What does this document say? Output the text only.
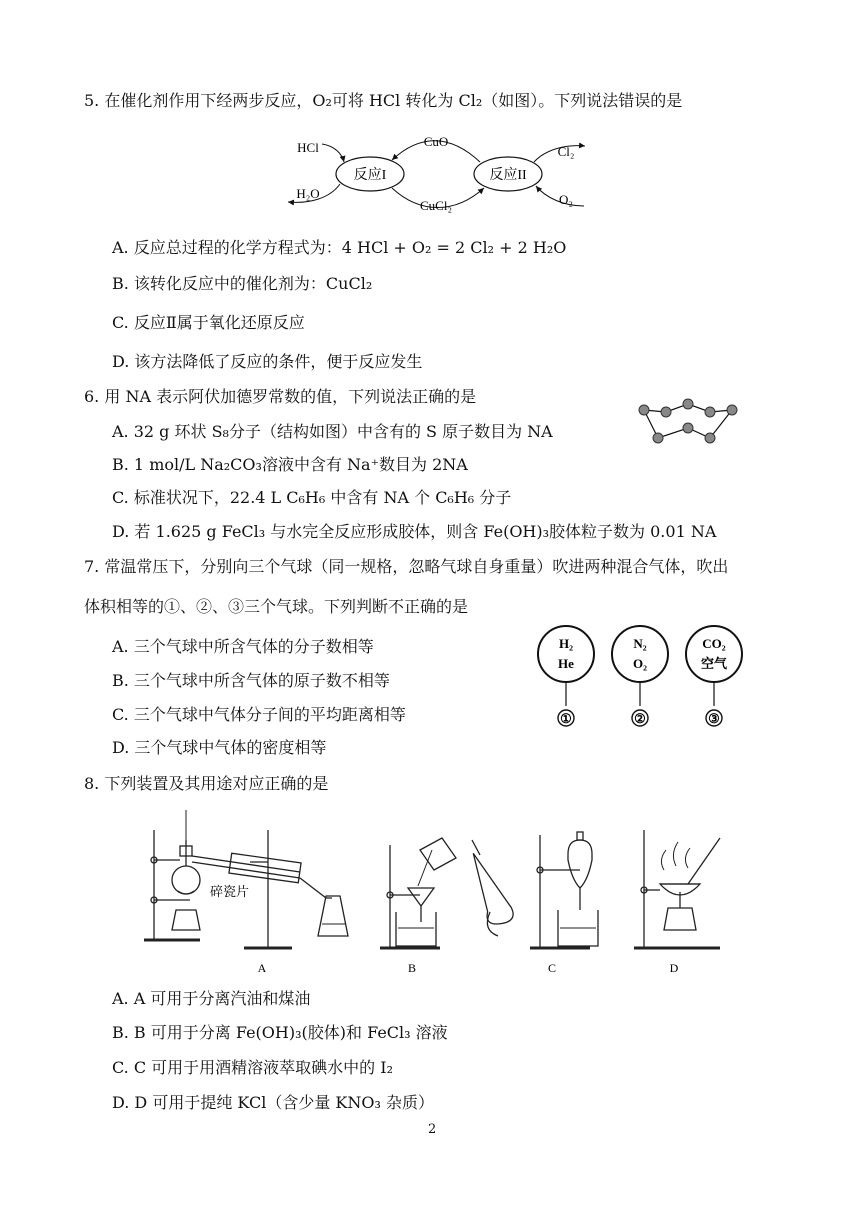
5. 在催化剂作用下经两步反应，O₂可将 HCl 转化为 Cl₂（如图）。下列说法错误的是
反应I	反应II
CuO
CuCl₂
HCl
H₂O
Cl₂
O₂
A. 反应总过程的化学方程式为：4 HCl + O₂ = 2 Cl₂ + 2 H₂O
B. 该转化反应中的催化剂为：CuCl₂
C. 反应Ⅱ属于氧化还原反应
D. 该方法降低了反应的条件，便于反应发生
6. 用 NA 表示阿伏加德罗常数的值，下列说法正确的是
A. 32 g 环状 S₈分子（结构如图）中含有的 S 原子数目为 NA
B. 1 mol/L Na₂CO₃溶液中含有 Na⁺数目为 2NA
C. 标准状况下，22.4 L C₆H₆ 中含有 NA 个 C₆H₆ 分子
D. 若 1.625 g FeCl₃ 与水完全反应形成胶体，则含 Fe(OH)₃胶体粒子数为 0.01 NA
7. 常温常压下，分别向三个气球（同一规格，忽略气球自身重量）吹进两种混合气体，吹出
体积相等的①、②、③三个气球。下列判断不正确的是
A. 三个气球中所含气体的分子数相等
B. 三个气球中所含气体的原子数不相等
C. 三个气球中气体分子间的平均距离相等
D. 三个气球中气体的密度相等
H₂
He
①
N₂
O₂
②
CO₂
空气
③
8. 下列装置及其用途对应正确的是
碎瓷片
A	B	C	D
A. A 可用于分离汽油和煤油
B. B 可用于分离 Fe(OH)₃(胶体)和 FeCl₃ 溶液
C. C 可用于用酒精溶液萃取碘水中的 I₂
D. D 可用于提纯 KCl（含少量 KNO₃ 杂质）
2
